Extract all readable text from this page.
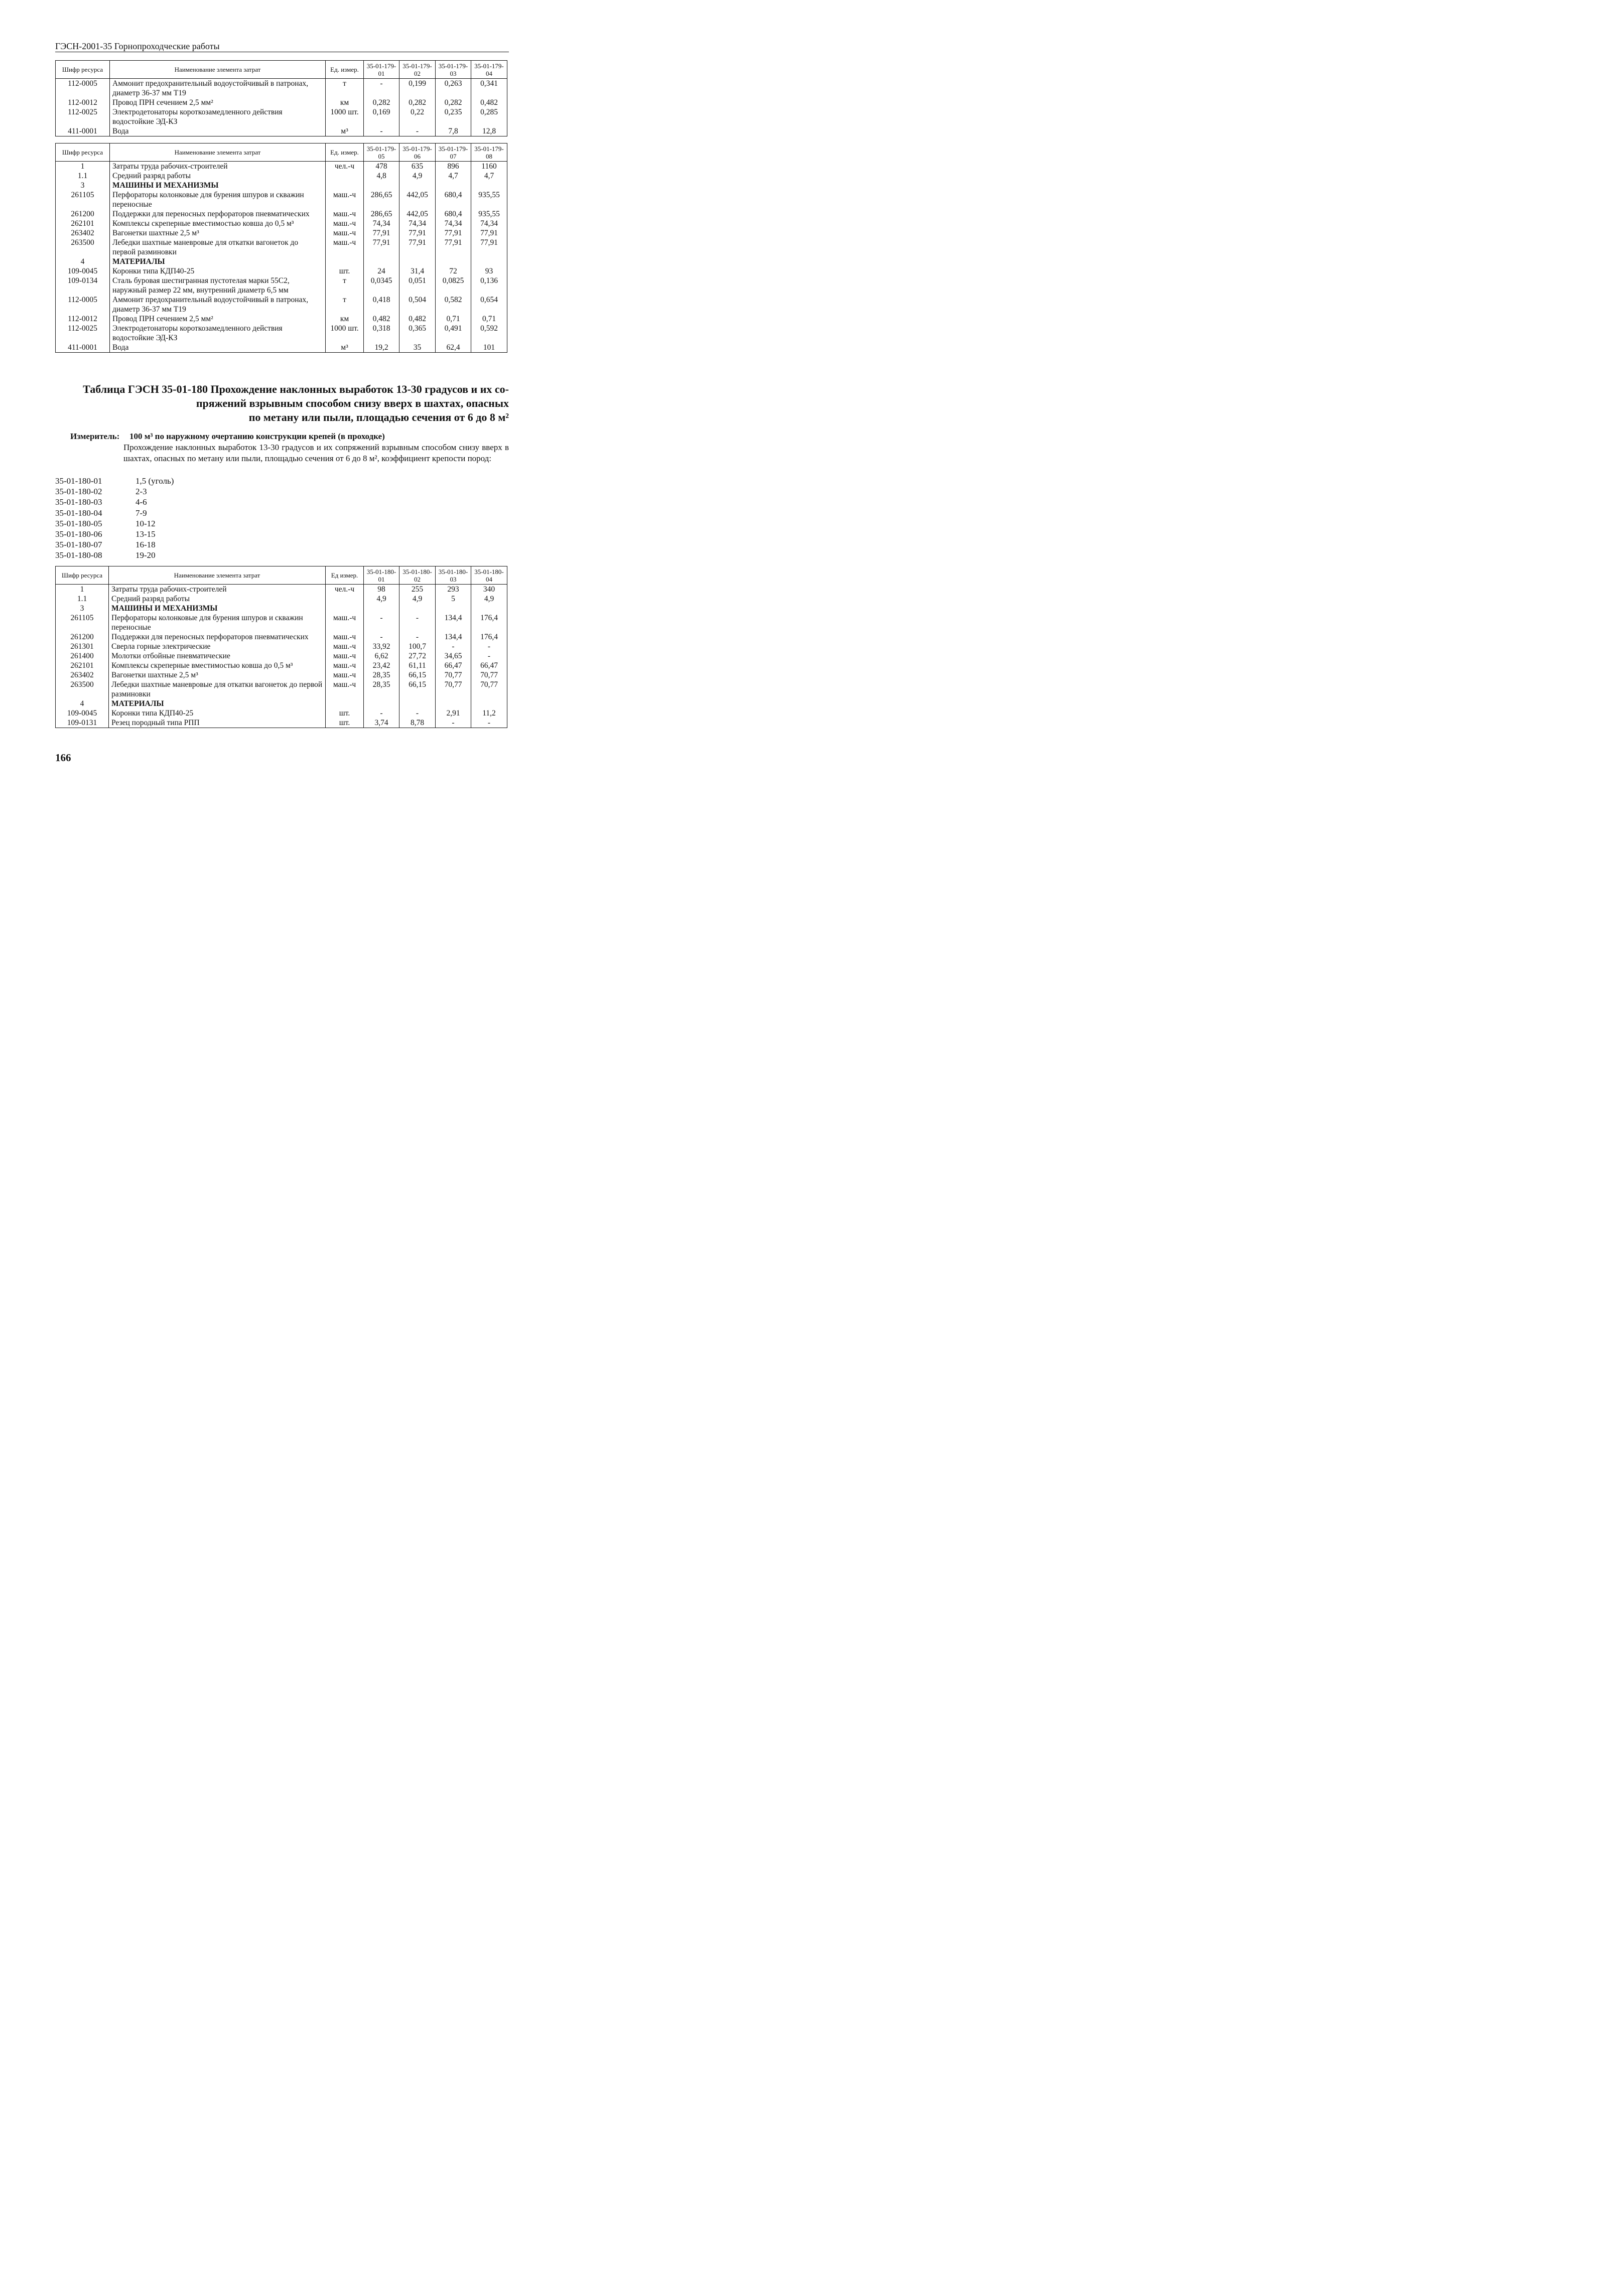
ГЭСН-2001-35 Горнопроходческие работы
Шифр ресурса	Наименование элемента затрат	Ед. измер.	35-01-179-01	35-01-179-02	35-01-179-03	35-01-179-04
112-0005	Аммонит предохранительный водоустойчивый в патронах, диаметр 36-37 мм Т19	т	-	0,199	0,263	0,341
112-0012	Провод ПРН сечением 2,5 мм²	км	0,282	0,282	0,282	0,482
112-0025	Электродетонаторы короткозамедленного действия водостойкие ЭД-КЗ	1000 шт.	0,169	0,22	0,235	0,285
411-0001	Вода	м³	-	-	7,8	12,8
Шифр ресурса	Наименование элемента затрат	Ед. измер.	35-01-179-05	35-01-179-06	35-01-179-07	35-01-179-08
1	Затраты труда рабочих-строителей	чел.-ч	478	635	896	1160
1.1	Средний разряд работы		4,8	4,9	4,7	4,7
3	МАШИНЫ И МЕХАНИЗМЫ					
261105	Перфораторы колонковые для бурения шпуров и скважин переносные	маш.-ч	286,65	442,05	680,4	935,55
261200	Поддержки для переносных перфораторов пневматических	маш.-ч	286,65	442,05	680,4	935,55
262101	Комплексы скреперные вместимостью ковша до 0,5 м³	маш.-ч	74,34	74,34	74,34	74,34
263402	Вагонетки шахтные 2,5 м³	маш.-ч	77,91	77,91	77,91	77,91
263500	Лебедки шахтные маневровые для откатки вагонеток до первой разминовки	маш.-ч	77,91	77,91	77,91	77,91
4	МАТЕРИАЛЫ					
109-0045	Коронки типа КДП40-25	шт.	24	31,4	72	93
109-0134	Сталь буровая шестигранная пустотелая марки 55С2, наружный размер 22 мм, внутренний диаметр 6,5 мм	т	0,0345	0,051	0,0825	0,136
112-0005	Аммонит предохранительный водоустойчивый в патронах, диаметр 36-37 мм Т19	т	0,418	0,504	0,582	0,654
112-0012	Провод ПРН сечением 2,5 мм²	км	0,482	0,482	0,71	0,71
112-0025	Электродетонаторы короткозамедленного действия водостойкие ЭД-КЗ	1000 шт.	0,318	0,365	0,491	0,592
411-0001	Вода	м³	19,2	35	62,4	101
Таблица ГЭСН 35-01-180 Прохождение наклонных выработок 13-30 градусов и их со-
пряжений взрывным способом снизу вверх в шахтах, опасных
по метану или пыли, площадью сечения от 6 до 8 м²
Измеритель: 100 м³ по наружному очертанию конструкции крепей (в проходке)
Прохождение наклонных выработок 13-30 градусов и их сопряжений взрывным способом снизу вверх в шахтах, опасных по метану или пыли, площадью сечения от 6 до 8 м², коэффициент крепости пород:
35-01-180-01	1,5 (уголь)
35-01-180-02	2-3
35-01-180-03	4-6
35-01-180-04	7-9
35-01-180-05	10-12
35-01-180-06	13-15
35-01-180-07	16-18
35-01-180-08	19-20
Шифр ресурса	Наименование элемента затрат	Ед измер.	35-01-180-01	35-01-180-02	35-01-180-03	35-01-180-04
1	Затраты труда рабочих-строителей	чел.-ч	98	255	293	340
1.1	Средний разряд работы		4,9	4,9	5	4,9
3	МАШИНЫ И МЕХАНИЗМЫ					
261105	Перфораторы колонковые для бурения шпуров и скважин переносные	маш.-ч	-	-	134,4	176,4
261200	Поддержки для переносных перфораторов пневматических	маш.-ч	-	-	134,4	176,4
261301	Сверла горные электрические	маш.-ч	33,92	100,7	-	-
261400	Молотки отбойные пневматические	маш.-ч	6,62	27,72	34,65	-
262101	Комплексы скреперные вместимостью ковша до 0,5 м³	маш.-ч	23,42	61,11	66,47	66,47
263402	Вагонетки шахтные 2,5 м³	маш.-ч	28,35	66,15	70,77	70,77
263500	Лебедки шахтные маневровые для откатки вагонеток до первой разминовки	маш.-ч	28,35	66,15	70,77	70,77
4	МАТЕРИАЛЫ					
109-0045	Коронки типа КДП40-25	шт.	-	-	2,91	11,2
109-0131	Резец породный типа РПП	шт.	3,74	8,78	-	-
166
